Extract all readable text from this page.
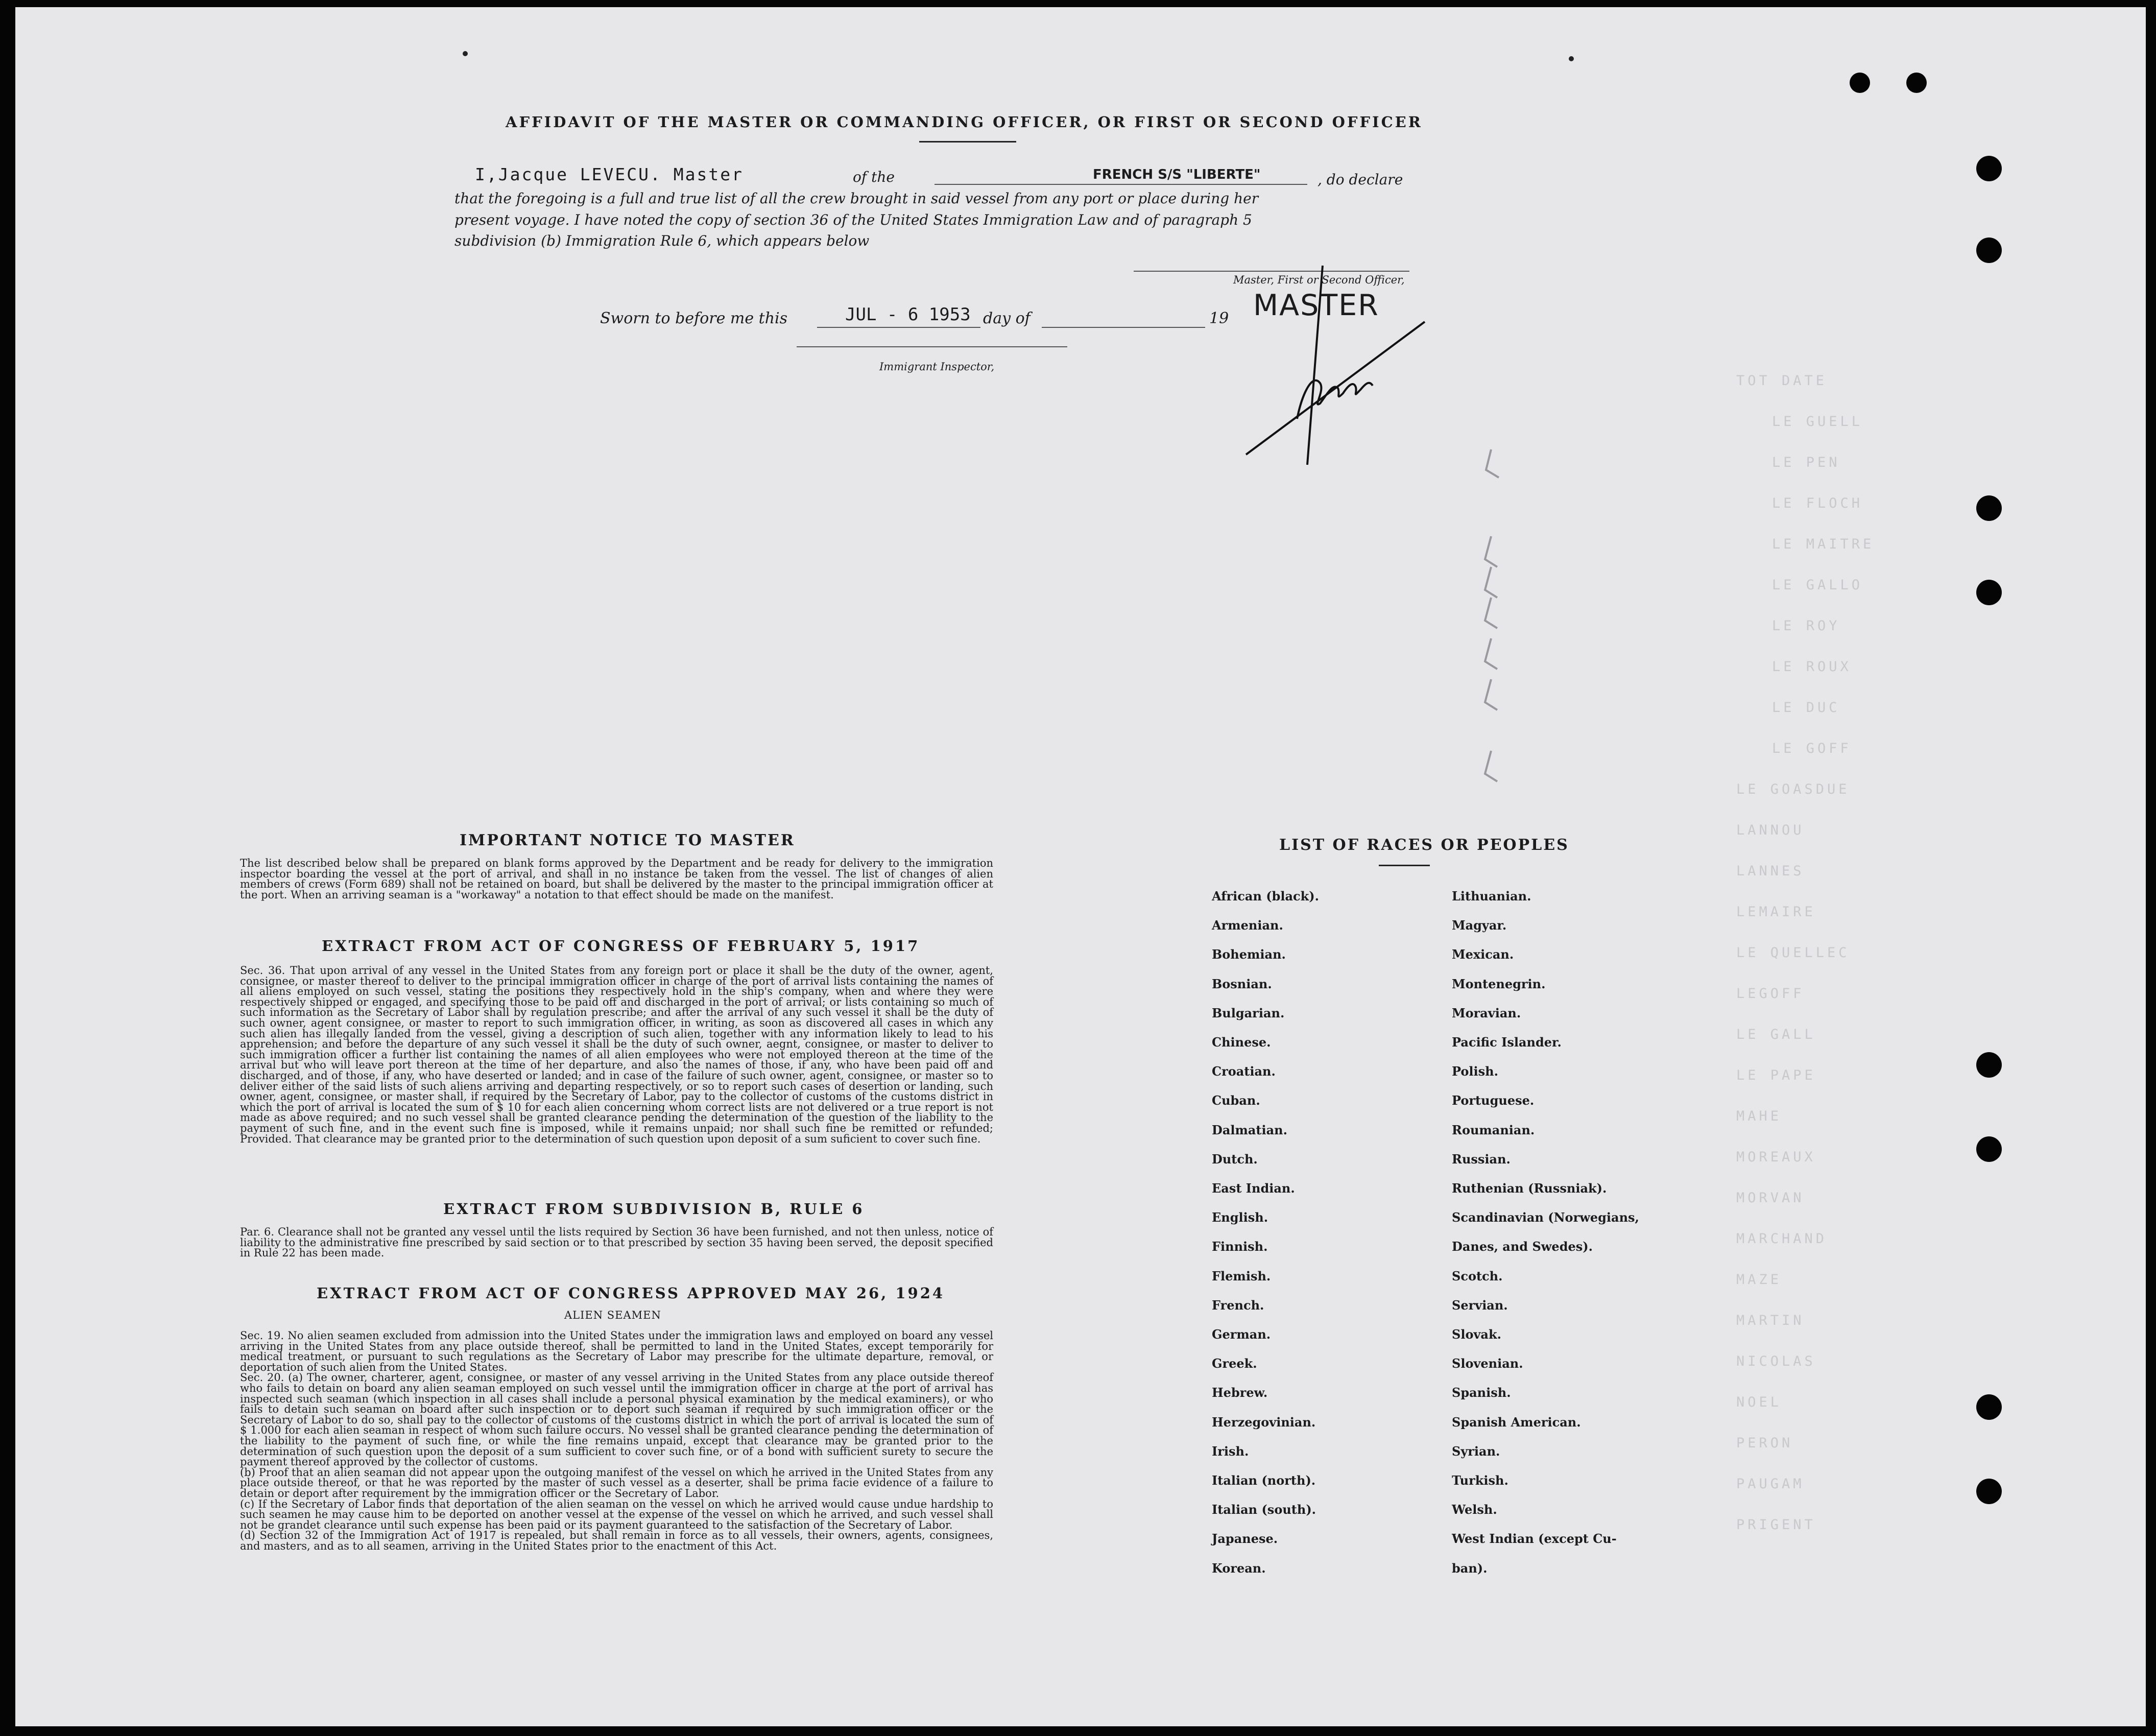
TOT DATE
LE GUELL
LE PEN
LE FLOCH
LE MAITRE
LE GALLO
LE ROY
LE ROUX
LE DUC
LE GOFF
LE GOASDUE
LANNOU
LANNES
LEMAIRE
LE QUELLEC
LEGOFF
LE GALL
LE PAPE
MAHE
MOREAUX
MORVAN
MARCHAND
MAZE
MARTIN
NICOLAS
NOEL
PERON
PAUGAM
PRIGENT
AFFIDAVIT OF THE MASTER OR COMMANDING OFFICER, OR FIRST OR SECOND OFFICER
I,Jacque LEVECU. Master	of the	FRENCH S/S "LIBERTE"	, do declare
that the foregoing is a full and true list of all the crew brought in said vessel from any port or place during her
present voyage. I have noted the copy of section 36 of the United States Immigration Law and of paragraph 5
subdivision (b) Immigration Rule 6, which appears below
Master, First or Second Officer,
MASTER
Sworn to before me this	JUL - 6 1953 day of	19
Immigrant Inspector,
IMPORTANT NOTICE TO MASTER
The list described below shall be prepared on blank forms approved by the Department and be ready for delivery to the immigration inspector boarding the vessel at the port of arrival, and shall in no instance be taken from the vessel. The list of changes of alien members of crews (Form 689) shall not be retained on board, but shall be delivered by the master to the principal immigration officer at the port. When an arriving seaman is a "workaway" a notation to that effect should be made on the manifest.
EXTRACT FROM ACT OF CONGRESS OF FEBRUARY 5, 1917
Sec. 36. That upon arrival of any vessel in the United States from any foreign port or place it shall be the duty of the owner, agent, consignee, or master thereof to deliver to the principal immigration officer in charge of the port of arrival lists containing the names of all aliens employed on such vessel, stating the positions they respectively hold in the ship's company, when and where they were respectively shipped or engaged, and specifying those to be paid off and discharged in the port of arrival; or lists containing so much of such information as the Secretary of Labor shall by regulation prescribe; and after the arrival of any such vessel it shall be the duty of such owner, agent consignee, or master to report to such immigration officer, in writing, as soon as discovered all cases in which any such alien has illegally landed from the vessel, giving a description of such alien, together with any information likely to lead to his apprehension; and before the departure of any such vessel it shall be the duty of such owner, aegnt, consignee, or master to deliver to such immigration officer a further list containing the names of all alien employees who were not employed thereon at the time of the arrival but who will leave port thereon at the time of her departure, and also the names of those, if any, who have been paid off and discharged, and of those, if any, who have deserted or landed; and in case of the failure of such owner, agent, consignee, or master so to deliver either of the said lists of such aliens arriving and departing respectively, or so to report such cases of desertion or landing, such owner, agent, consignee, or master shall, if required by the Secretary of Labor, pay to the collector of customs of the customs district in which the port of arrival is located the sum of $ 10 for each alien concerning whom correct lists are not delivered or a true report is not made as above required; and no such vessel shall be granted clearance pending the determination of the question of the liability to the payment of such fine, and in the event such fine is imposed, while it remains unpaid; nor shall such fine be remitted or refunded; Provided. That clearance may be granted prior to the determination of such question upon deposit of a sum suficient to cover such fine.
EXTRACT FROM SUBDIVISION B, RULE 6
Par. 6. Clearance shall not be granted any vessel until the lists required by Section 36 have been furnished, and not then unless, notice of liability to the administrative fine prescribed by said section or to that prescribed by section 35 having been served, the deposit specified in Rule 22 has been made.
EXTRACT FROM ACT OF CONGRESS APPROVED MAY 26, 1924
ALIEN SEAMEN
Sec. 19. No alien seamen excluded from admission into the United States under the immigration laws and employed on board any vessel arriving in the United States from any place outside thereof, shall be permitted to land in the United States, except temporarily for medical treatment, or pursuant to such regulations as the Secretary of Labor may prescribe for the ultimate departure, removal, or deportation of such alien from the United States.
Sec. 20. (a) The owner, charterer, agent, consignee, or master of any vessel arriving in the United States from any place outside thereof who fails to detain on board any alien seaman employed on such vessel until the immigration officer in charge at the port of arrival has inspected such seaman (which inspection in all cases shall include a personal physical examination by the medical examiners), or who fails to detain such seaman on board after such inspection or to deport such seaman if required by such immigration officer or the Secretary of Labor to do so, shall pay to the collector of customs of the customs district in which the port of arrival is located the sum of $ 1.000 for each alien seaman in respect of whom such failure occurs. No vessel shall be granted clearance pending the determination of the liability to the payment of such fine, or while the fine remains unpaid, except that clearance may be granted prior to the determination of such question upon the deposit of a sum sufficient to cover such fine, or of a bond with sufficient surety to secure the payment thereof approved by the collector of customs.
(b) Proof that an alien seaman did not appear upon the outgoing manifest of the vessel on which he arrived in the United States from any place outside thereof, or that he was reported by the master of such vessel as a deserter, shall be prima facie evidence of a failure to detain or deport after requirement by the immigration officer or the Secretary of Labor.
(c) If the Secretary of Labor finds that deportation of the alien seaman on the vessel on which he arrived would cause undue hardship to such seamen he may cause him to be deported on another vessel at the expense of the vessel on which he arrived, and such vessel shall not be grandet clearance until such expense has been paid or its payment guaranteed to the satisfaction of the Secretary of Labor.
(d) Section 32 of the Immigration Act of 1917 is repealed, but shall remain in force as to all vessels, their owners, agents, consignees, and masters, and as to all seamen, arriving in the United States prior to the enactment of this Act.
LIST OF RACES OR PEOPLES
African (black).
Armenian.
Bohemian.
Bosnian.
Bulgarian.
Chinese.
Croatian.
Cuban.
Dalmatian.
Dutch.
East Indian.
English.
Finnish.
Flemish.
French.
German.
Greek.
Hebrew.
Herzegovinian.
Irish.
Italian (north).
Italian (south).
Japanese.
Korean.
Lithuanian.
Magyar.
Mexican.
Montenegrin.
Moravian.
Pacific Islander.
Polish.
Portuguese.
Roumanian.
Russian.
Ruthenian (Russniak).
Scandinavian (Norwegians,
Danes, and Swedes).
Scotch.
Servian.
Slovak.
Slovenian.
Spanish.
Spanish American.
Syrian.
Turkish.
Welsh.
West Indian (except Cu-
ban).
